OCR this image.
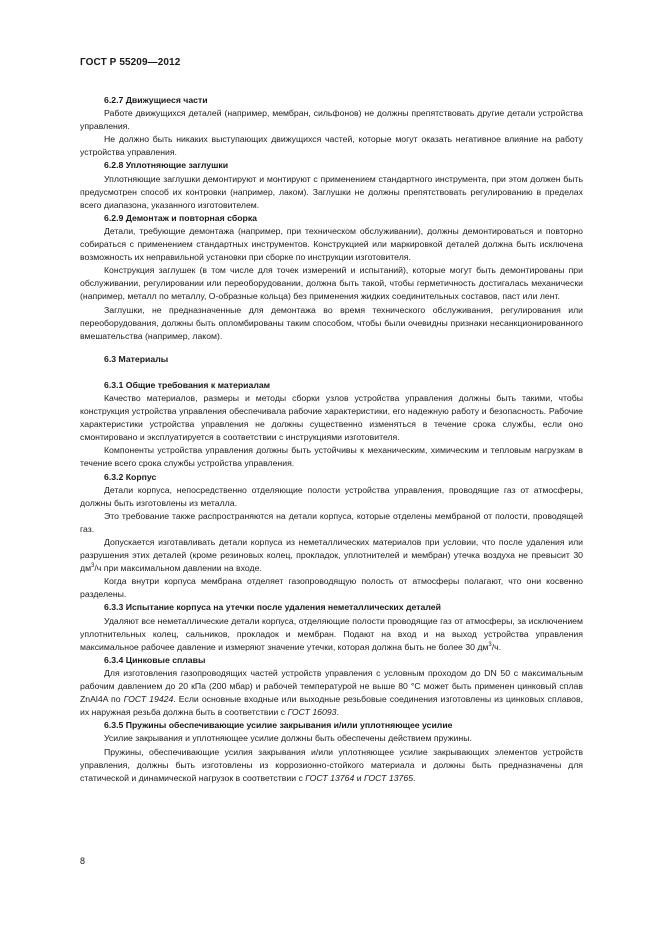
ГОСТ Р 55209—2012
6.2.7 Движущиеся части

Работе движущихся деталей (например, мембран, сильфонов) не должны препятствовать другие детали устройства управления.

Не должно быть никаких выступающих движущихся частей, которые могут оказать негативное влияние на работу устройства управления.

6.2.8 Уплотняющие заглушки

Уплотняющие заглушки демонтируют и монтируют с применением стандартного инструмента, при этом должен быть предусмотрен способ их контровки (например, лаком). Заглушки не должны препятствовать регулированию в пределах всего диапазона, указанного изготовителем.

6.2.9 Демонтаж и повторная сборка

Детали, требующие демонтажа (например, при техническом обслуживании), должны демонтироваться и повторно собираться с применением стандартных инструментов. Конструкцией или маркировкой деталей должна быть исключена возможность их неправильной установки при сборке по инструкции изготовителя.

Конструкция заглушек (в том числе для точек измерений и испытаний), которые могут быть демонтированы при обслуживании, регулировании или переоборудовании, должна быть такой, чтобы герметичность достигалась механически (например, металл по металлу, О-образные кольца) без применения жидких соединительных составов, паст или лент.

Заглушки, не предназначенные для демонтажа во время технического обслуживания, регулирования или переоборудования, должны быть опломбированы таким способом, чтобы были очевидны признаки несанкционированного вмешательства (например, лаком).

6.3 Материалы
6.3.1 Общие требования к материалам

Качество материалов, размеры и методы сборки узлов устройства управления должны быть такими, чтобы конструкция устройства управления обеспечивала рабочие характеристики, его надежную работу и безопасность. Рабочие характеристики устройства управления не должны существенно изменяться в течение срока службы, если оно смонтировано и эксплуатируется в соответствии с инструкциями изготовителя.

Компоненты устройства управления должны быть устойчивы к механическим, химическим и тепловым нагрузкам в течение всего срока службы устройства управления.

6.3.2 Корпус

Детали корпуса, непосредственно отделяющие полости устройства управления, проводящие газ от атмосферы, должны быть изготовлены из металла.

Это требование также распространяются на детали корпуса, которые отделены мембраной от полости, проводящей газ.

Допускается изготавливать детали корпуса из неметаллических материалов при условии, что после удаления или разрушения этих деталей (кроме резиновых колец, прокладок, уплотнителей и мембран) утечка воздуха не превысит 30 $дм^3/ч$ при максимальном давлении на входе.

Когда внутри корпуса мембрана отделяет газопроводящую полость от атмосферы полагают, что они косвенно разделены.

6.3.3 Испытание корпуса на утечки после удаления неметаллических деталей

Удаляют все неметаллические детали корпуса, отделяющие полости проводящие газ от атмосферы, за исключением уплотнительных колец, сальников, прокладок и мембран. Подают на вход и на выход устройства управления максимальное рабочее давление и измеряют значение утечки, которая должна быть не более 30 $дм^3/ч$.

6.3.4 Цинковые сплавы

Для изготовления газопроводящих частей устройств управления с условным проходом до DN 50 с максимальным рабочим давлением до 20 кПа (200 мбар) и рабочей температурой не выше 80 °С может быть применен цинковый сплав ZnAl4A по ГОСТ 19424. Если основные входные или выходные резьбовые соединения изготовлены из цинковых сплавов, их наружная резьба должна быть в соответствии с ГОСТ 16093.

6.3.5 Пружины обеспечивающие усилие закрывания и/или уплотняющее усилие

Усилие закрывания и уплотняющее усилие должны быть обеспечены действием пружины.

Пружины, обеспечивающие усилия закрывания и/или уплотняющее усилие закрывающих элементов устройств управления, должны быть изготовлены из коррозионно-стойкого материала и должны быть предназначены для статической и динамической нагрузок в соответствии с ГОСТ 13764 и ГОСТ 13765.

8
